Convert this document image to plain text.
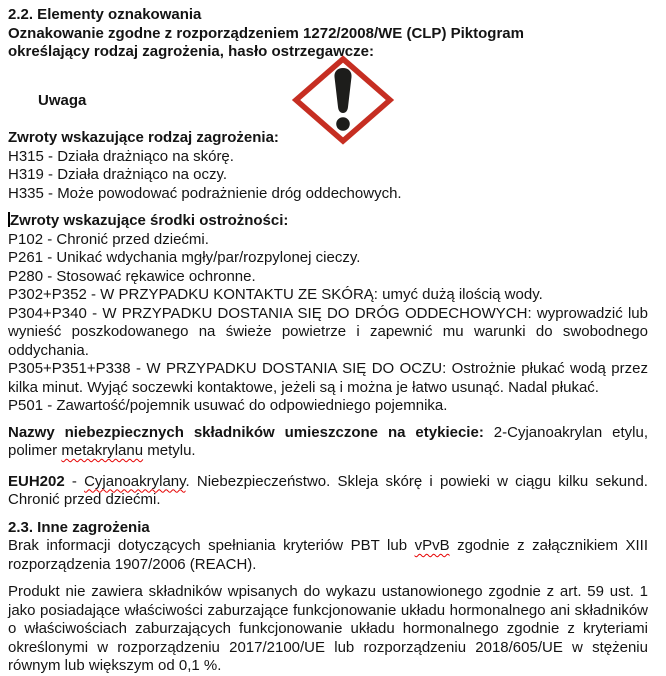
2.2. Elementy oznakowania
Oznakowanie zgodne z rozporządzeniem 1272/2008/WE (CLP) Piktogram
określający rodzaj zagrożenia, hasło ostrzegawcze:
Uwaga
Zwroty wskazujące rodzaj zagrożenia:
H315 - Działa drażniąco na skórę.
H319 - Działa drażniąco na oczy.
H335 - Może powodować podrażnienie dróg oddechowych.
Zwroty wskazujące środki ostrożności:
P102 - Chronić przed dziećmi.
P261 - Unikać wdychania mgły/par/rozpylonej cieczy.
P280 - Stosować rękawice ochronne.
P302+P352 - W PRZYPADKU KONTAKTU ZE SKÓRĄ: umyć dużą ilością wody.
P304+P340 - W PRZYPADKU DOSTANIA SIĘ DO DRÓG ODDECHOWYCH: wyprowadzić lub wynieść poszkodowanego na świeże powietrze i zapewnić mu warunki do swobodnego oddychania.
P305+P351+P338 - W PRZYPADKU DOSTANIA SIĘ DO OCZU: Ostrożnie płukać wodą przez kilka minut. Wyjąć soczewki kontaktowe, jeżeli są i można je łatwo usunąć. Nadal płukać.
P501 - Zawartość/pojemnik usuwać do odpowiedniego pojemnika.
Nazwy niebezpiecznych składników umieszczone na etykiecie: 2-Cyjanoakrylan etylu, polimer metakrylanu metylu.
EUH202 - Cyjanoakrylany. Niebezpieczeństwo. Skleja skórę i powieki w ciągu kilku sekund. Chronić przed dziećmi.
2.3. Inne zagrożenia
Brak informacji dotyczących spełniania kryteriów PBT lub vPvB zgodnie z załącznikiem XIII rozporządzenia 1907/2006 (REACH).
Produkt nie zawiera składników wpisanych do wykazu ustanowionego zgodnie z art. 59 ust. 1 jako posiadające właściwości zaburzające funkcjonowanie układu hormonalnego ani składników o właściwościach zaburzających funkcjonowanie układu hormonalnego zgodnie z kryteriami określonymi w rozporządzeniu 2017/2100/UE lub rozporządzeniu 2018/605/UE w stężeniu równym lub większym od 0,1 %.
